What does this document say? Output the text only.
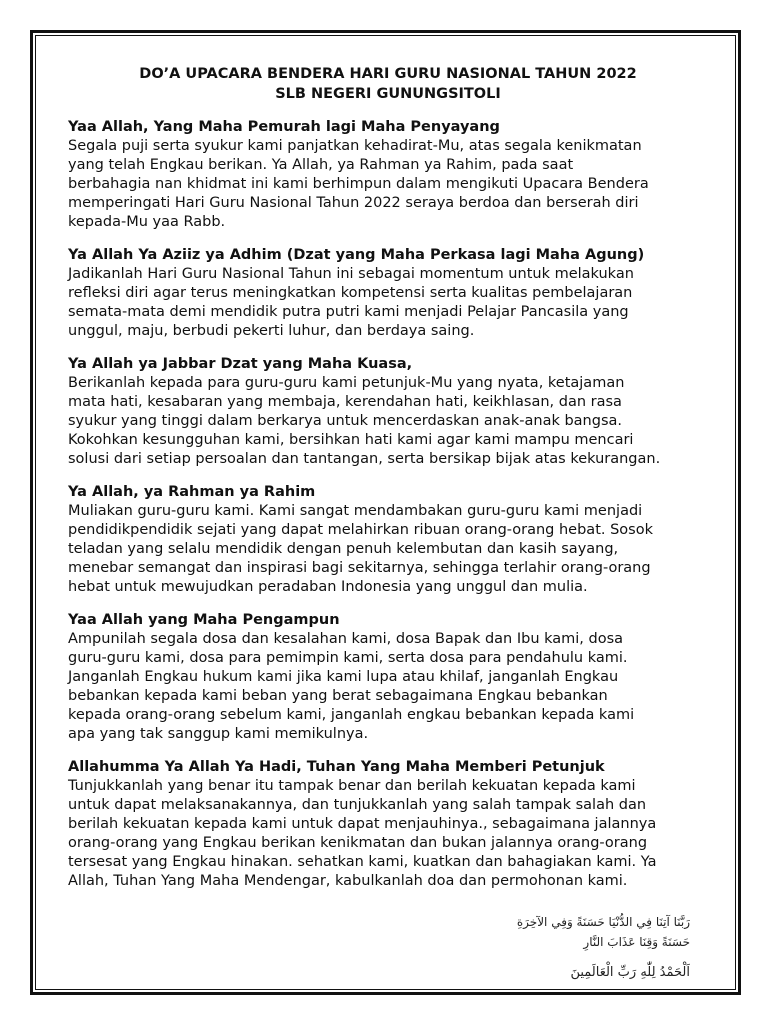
DO’A UPACARA BENDERA HARI GURU NASIONAL TAHUN 2022
SLB NEGERI GUNUNGSITOLI

Yaa Allah, Yang Maha Pemurah lagi Maha Penyayang

Segala puji serta syukur kami panjatkan kehadirat-Mu, atas segala kenikmatan
yang telah Engkau berikan. Ya Allah, ya Rahman ya Rahim, pada saat
berbahagia nan khidmat ini kami berhimpun dalam mengikuti Upacara Bendera
memperingati Hari Guru Nasional Tahun 2022 seraya berdoa dan berserah diri
kepada-Mu yaa Rabb.

Ya Allah Ya Aziiz ya Adhim (Dzat yang Maha Perkasa lagi Maha Agung)

Jadikanlah Hari Guru Nasional Tahun ini sebagai momentum untuk melakukan
refleksi diri agar terus meningkatkan kompetensi serta kualitas pembelajaran
semata-mata demi mendidik putra putri kami menjadi Pelajar Pancasila yang
unggul, maju, berbudi pekerti luhur, dan berdaya saing.

Ya Allah ya Jabbar Dzat yang Maha Kuasa,

Berikanlah kepada para guru-guru kami petunjuk-Mu yang nyata, ketajaman
mata hati, kesabaran yang membaja, kerendahan hati, keikhlasan, dan rasa
syukur yang tinggi dalam berkarya untuk mencerdaskan anak-anak bangsa.
Kokohkan kesungguhan kami, bersihkan hati kami agar kami mampu mencari
solusi dari setiap persoalan dan tantangan, serta bersikap bijak atas kekurangan.

Ya Allah, ya Rahman ya Rahim

Muliakan guru-guru kami. Kami sangat mendambakan guru-guru kami menjadi
pendidikpendidik sejati yang dapat melahirkan ribuan orang-orang hebat. Sosok
teladan yang selalu mendidik dengan penuh kelembutan dan kasih sayang,
menebar semangat dan inspirasi bagi sekitarnya, sehingga terlahir orang-orang
hebat untuk mewujudkan peradaban Indonesia yang unggul dan mulia.

Yaa Allah yang Maha Pengampun

Ampunilah segala dosa dan kesalahan kami, dosa Bapak dan Ibu kami, dosa
guru-guru kami, dosa para pemimpin kami, serta dosa para pendahulu kami.
Janganlah Engkau hukum kami jika kami lupa atau khilaf, janganlah Engkau
bebankan kepada kami beban yang berat sebagaimana Engkau bebankan
kepada orang-orang sebelum kami, janganlah engkau bebankan kepada kami
apa yang tak sanggup kami memikulnya.

Allahumma Ya Allah Ya Hadi, Tuhan Yang Maha Memberi Petunjuk

Tunjukkanlah yang benar itu tampak benar dan berilah kekuatan kepada kami
untuk dapat melaksanakannya, dan tunjukkanlah yang salah tampak salah dan
berilah kekuatan kepada kami untuk dapat menjauhinya., sebagaimana jalannya
orang-orang yang Engkau berikan kenikmatan dan bukan jalannya orang-orang
tersesat yang Engkau hinakan. sehatkan kami, kuatkan dan bahagiakan kami. Ya
Allah, Tuhan Yang Maha Mendengar, kabulkanlah doa dan permohonan kami.

رَبَّنَا آتِنَا فِي الدُّنْيَا حَسَنَةً وَفِي الآخِرَةِ
حَسَنَةً وَقِنَا عَذَابَ النَّارِ
اَلْحَمْدُ لِلّٰهِ رَبِّ الْعَالَمِينَ
